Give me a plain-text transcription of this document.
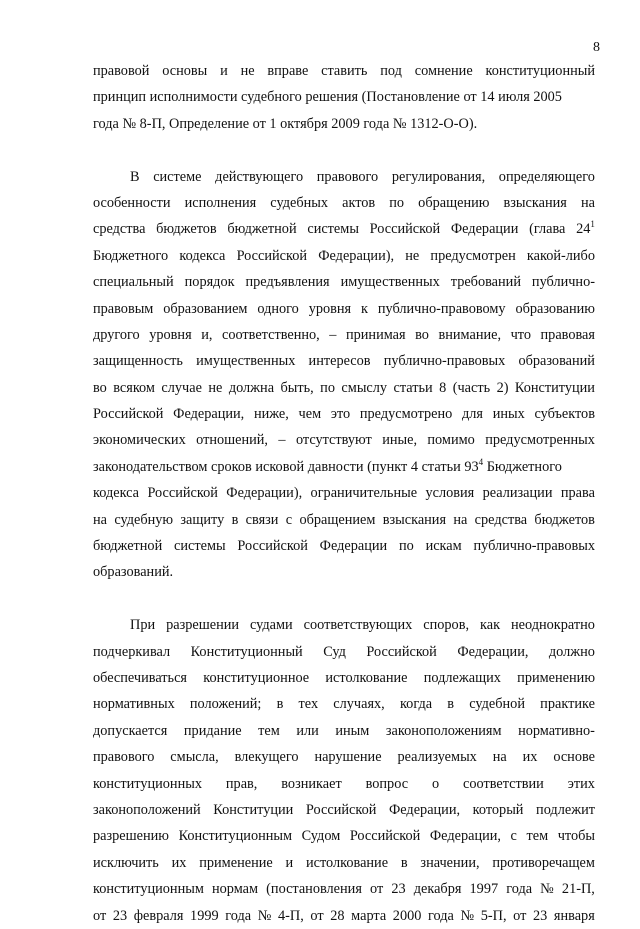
8
правовой основы и не вправе ставить под сомнение конституционный
принцип исполнимости судебного решения (Постановление от 14 июля 2005
года № 8-П, Определение от 1 октября 2009 года № 1312-О-О).
В системе действующего правового регулирования, определяющего
особенности исполнения судебных актов по обращению взыскания на
средства бюджетов бюджетной системы Российской Федерации (глава $24^1$
Бюджетного кодекса Российской Федерации), не предусмотрен какой-либо
специальный порядок предъявления имущественных требований публично-
правовым образованием одного уровня к публично-правовому образованию
другого уровня и, соответственно, – принимая во внимание, что правовая
защищенность имущественных интересов публично-правовых образований
во всяком случае не должна быть, по смыслу статьи 8 (часть 2) Конституции
Российской Федерации, ниже, чем это предусмотрено для иных субъектов
экономических отношений, – отсутствуют иные, помимо предусмотренных
законодательством сроков исковой давности (пункт 4 статьи $93^4$ Бюджетного
кодекса Российской Федерации), ограничительные условия реализации права
на судебную защиту в связи с обращением взыскания на средства бюджетов
бюджетной системы Российской Федерации по искам публично-правовых
образований.
При разрешении судами соответствующих споров, как неоднократно
подчеркивал Конституционный Суд Российской Федерации, должно
обеспечиваться конституционное истолкование подлежащих применению
нормативных положений; в тех случаях, когда в судебной практике
допускается придание тем или иным законоположениям нормативно-
правового смысла, влекущего нарушение реализуемых на их основе
конституционных прав, возникает вопрос о соответствии этих
законоположений Конституции Российской Федерации, который подлежит
разрешению Конституционным Судом Российской Федерации, с тем чтобы
исключить их применение и истолкование в значении, противоречащем
конституционным нормам (постановления от 23 декабря 1997 года № 21-П,
от 23 февраля 1999 года № 4-П, от 28 марта 2000 года № 5-П, от 23 января
